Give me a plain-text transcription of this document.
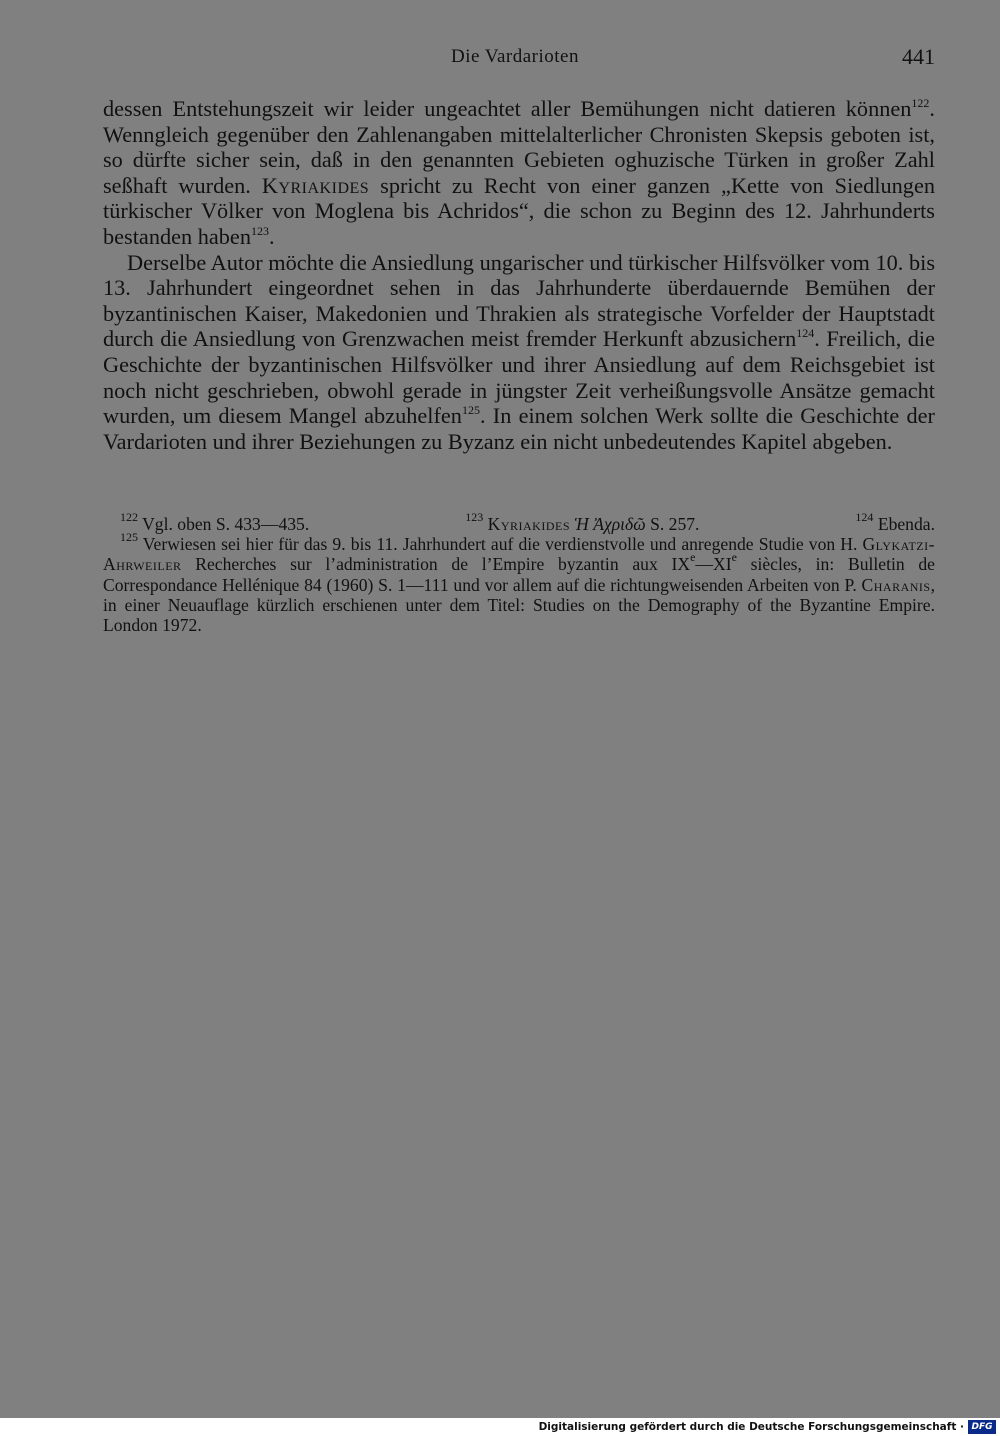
Die Vardarioten	441

dessen Entstehungszeit wir leider ungeachtet aller Bemühungen nicht datieren können$^{122}$. Wenngleich gegenüber den Zahlenangaben mittelalterlicher Chronisten Skepsis geboten ist, so dürfte sicher sein, daß in den genannten Gebieten oghuzische Türken in großer Zahl seßhaft wurden. Kyriakides spricht zu Recht von einer ganzen „Kette von Siedlungen türkischer Völker von Moglena bis Achridos“, die schon zu Beginn des 12. Jahrhunderts bestanden haben$^{123}$.

Derselbe Autor möchte die Ansiedlung ungarischer und türkischer Hilfsvölker vom 10. bis 13. Jahrhundert eingeordnet sehen in das Jahrhunderte überdauernde Bemühen der byzantinischen Kaiser, Makedonien und Thrakien als strategische Vorfelder der Hauptstadt durch die Ansiedlung von Grenzwachen meist fremder Herkunft abzusichern$^{124}$. Freilich, die Geschichte der byzantinischen Hilfsvölker und ihrer Ansiedlung auf dem Reichsgebiet ist noch nicht geschrieben, obwohl gerade in jüngster Zeit verheißungsvolle Ansätze gemacht wurden, um diesem Mangel abzuhelfen$^{125}$. In einem solchen Werk sollte die Geschichte der Vardarioten und ihrer Beziehungen zu Byzanz ein nicht unbedeutendes Kapitel abgeben.

$^{122}$ Vgl. oben S. 433—435.	$^{123}$ Kyriakides Ἡ Ἀχριδῶ S. 257.	$^{124}$ Ebenda.

$^{125}$ Verwiesen sei hier für das 9. bis 11. Jahrhundert auf die verdienstvolle und anregende Studie von H. Glykatzi-Ahrweiler Recherches sur l’administration de l’Empire byzantin aux IXe—XIe siècles, in: Bulletin de Correspondance Hellénique 84 (1960) S. 1—111 und vor allem auf die richtungweisenden Arbeiten von P. Charanis, in einer Neuauflage kürzlich erschienen unter dem Titel: Studies on the Demography of the Byzantine Empire. London 1972.

Digitalisierung gefördert durch die Deutsche Forschungsgemeinschaft · DFG
